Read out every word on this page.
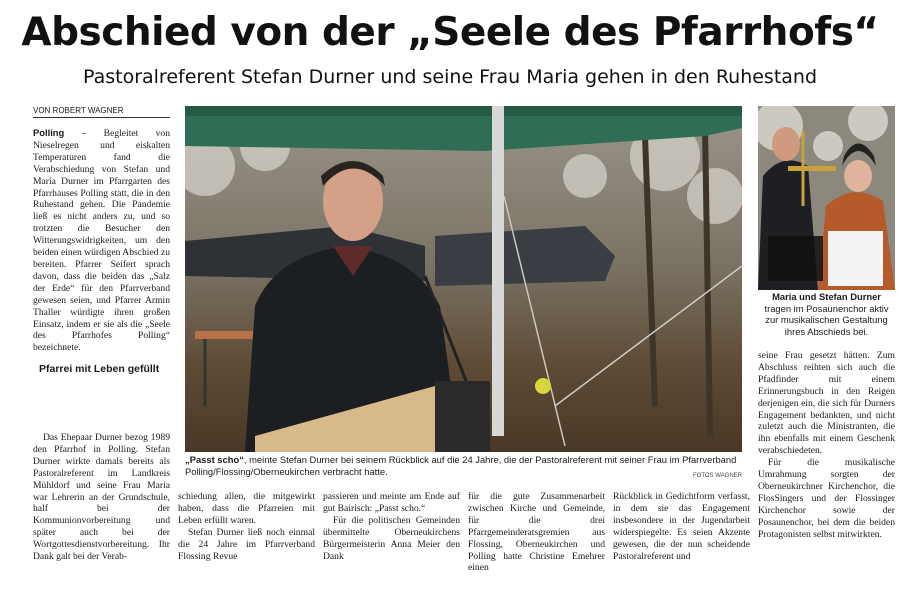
Abschied von der „Seele des Pfarrhofs“
Pastoralreferent Stefan Durner und seine Frau Maria gehen in den Ruhestand
VON ROBERT WAGNER

Polling – Begleitet von Nieselregen und eiskalten Temperaturen fand die Verabschiedung von Stefan und Maria Durner im Pfarrgarten des Pfarrhauses Polling statt, die in den Ruhestand gehen. Die Pandemie ließ es nicht anders zu, und so trotzten die Besucher den Witterungswidrigkeiten, um den beiden einen würdigen Abschied zu bereiten. Pfarrer Seifert sprach davon, dass die beiden das „Salz der Erde“ für den Pfarrverband gewesen seien, und Pfarrer Armin Thaller würdigte ihren großen Einsatz, indem er sie als die „Seele des Pfarrhofes Polling“ bezeichnete.

Pfarrei mit Leben gefüllt

Das Ehepaar Durner bezog 1989 den Pfarrhof in Polling. Stefan Durner wirkte damals bereits als Pastoralreferent im Landkreis Mühldorf und seine Frau Maria war Lehrerin an der Grundschule, half bei der Kommunionvorbereitung und später auch bei der Wortgottesdienstvorbereitung. Ihr Dank galt bei der Verab-

schiedung allen, die mitgewirkt haben, dass die Pfarreien mit Leben erfüllt waren.

Stefan Durner ließ noch einmal die 24 Jahre im Pfarrverband Flossing Revue

passieren und meinte am Ende auf gut Bairisch: „Passt scho.“

Für die politischen Gemeinden übermittelte Oberneukirchens Bürgermeisterin Anna Meier den Dank

für die gute Zusammenarbeit zwischen Kirche und Gemeinde, für die drei Pfarrgemeinderatsgremien aus Flossing, Oberneukirchen und Polling hatte Christine Emehrer einen

Rückblick in Gedichtform verfasst, in dem sie das Engagement insbesondere in der Jugendarbeit widerspiegelte. Es seien Akzente gewesen, die der nun scheidende Pastoralreferent und

seine Frau gesetzt hätten. Zum Abschluss reihten sich auch die Pfadfinder mit einem Erinnerungsbuch in den Reigen derjenigen ein, die sich für Durners Engagement bedankten, und nicht zuletzt auch die Ministranten, die ihn ebenfalls mit einem Geschenk verabschiedeten.

Für die musikalische Umrahmung sorgten der Oberneukirchner Kirchenchor, die FlosSingers und der Flossinger Kirchenchor sowie der Posaunenchor, bei dem die beiden Protagonisten selbst mitwirkten.

„Passt scho“, meinte Stefan Durner bei seinem Rückblick auf die 24 Jahre, die der Pastoralreferent mit seiner Frau im Pfarrverband Polling/Flossing/Oberneukirchen verbracht hatte.	FOTOS WAGNER
Maria und Stefan Durner tragen im Posaunenchor aktiv zur musikalischen Gestaltung ihres Abschieds bei.
